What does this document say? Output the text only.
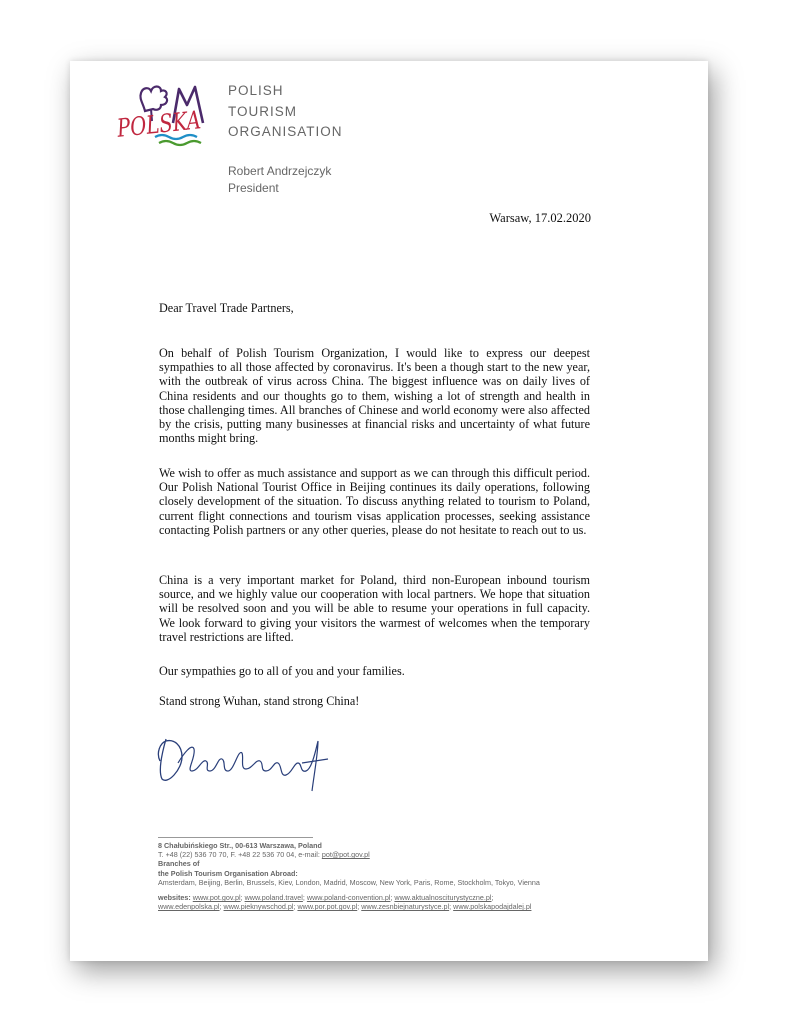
POLSKA
POLISH
TOURISM
ORGANISATION
Robert Andrzejczyk
President
Warsaw, 17.02.2020

Dear Travel Trade Partners,

On behalf of Polish Tourism Organization, I would like to express our deepest sympathies to all those affected by coronavirus. It's been a though start to the new year, with the outbreak of virus across China. The biggest influence was on daily lives of China residents and our thoughts go to them, wishing a lot of strength and health in those challenging times. All branches of Chinese and world economy were also affected by the crisis, putting many businesses at financial risks and uncertainty of what future months might bring.

We wish to offer as much assistance and support as we can through this difficult period. Our Polish National Tourist Office in Beijing continues its daily operations, following closely development of the situation. To discuss anything related to tourism to Poland, current flight connections and tourism visas application processes, seeking assistance contacting Polish partners or any other queries, please do not hesitate to reach out to us.

China is a very important market for Poland, third non-European inbound tourism source, and we highly value our cooperation with local partners. We hope that situation will be resolved soon and you will be able to resume your operations in full capacity. We look forward to giving your visitors the warmest of welcomes when the temporary travel restrictions are lifted.

Our sympathies go to all of you and your families.

Stand strong Wuhan, stand strong China!

8 Chałubińskiego Str., 00-613 Warszawa, Poland
T. +48 (22) 536 70 70, F. +48 22 536 70 04, e-mail: pot@pot.gov.pl
Branches of
the Polish Tourism Organisation Abroad:
Amsterdam, Beijing, Berlin, Brussels, Kiev, London, Madrid, Moscow, New York, Paris, Rome, Stockholm, Tokyo, Vienna
websites: www.pot.gov.pl; www.poland.travel; www.poland-convention.pl; www.aktualnosciturystyczne.pl;
www.edenpolska.pl; www.pieknywschod.pl; www.por.pot.gov.pl; www.zesnbiejnaturystyce.pl; www.polskapodajdalej.pl
